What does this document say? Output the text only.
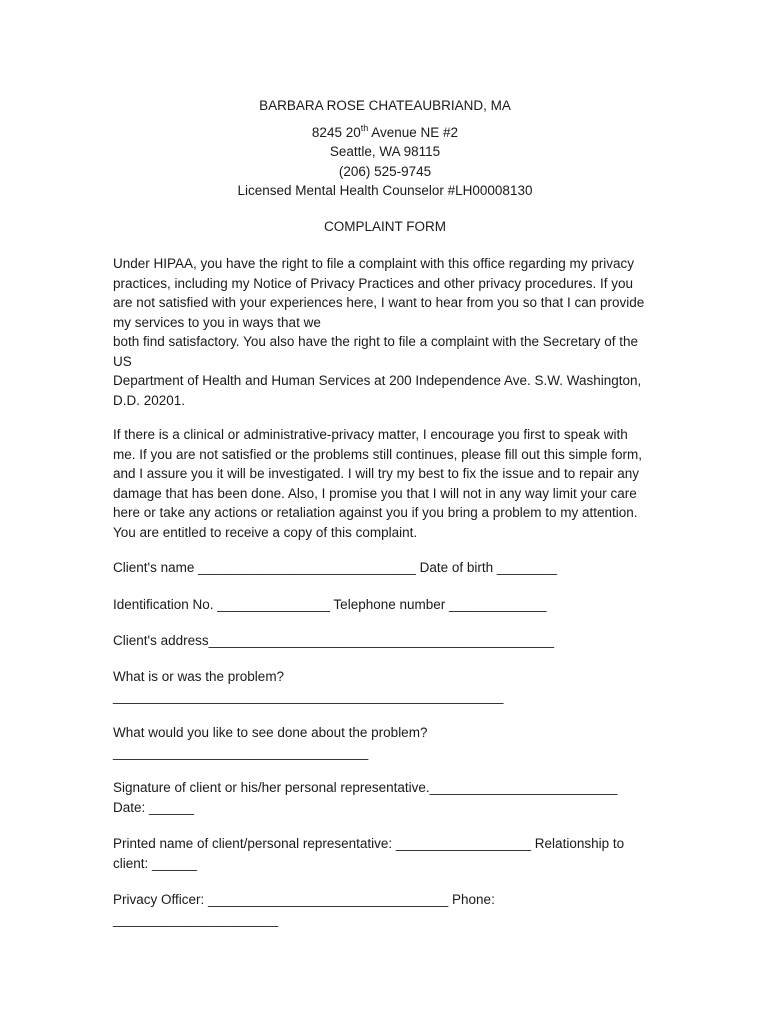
BARBARA ROSE CHATEAUBRIAND, MA
8245 20th Avenue NE #2
Seattle, WA 98115
(206) 525-9745
Licensed Mental Health Counselor #LH00008130
COMPLAINT FORM
Under HIPAA, you have the right to file a complaint with this office regarding my privacy
practices, including my Notice of Privacy Practices and other privacy procedures. If you
are not satisfied with your experiences here, I want to hear from you so that I can provide
my services to you in ways that we
both find satisfactory. You also have the right to file a complaint with the Secretary of the
US
Department of Health and Human Services at 200 Independence Ave. S.W. Washington,
D.D. 20201.
If there is a clinical or administrative-privacy matter, I encourage you first to speak with
me. If you are not satisfied or the problems still continues, please fill out this simple form,
and I assure you it will be investigated. I will try my best to fix the issue and to repair any
damage that has been done. Also, I promise you that I will not in any way limit your care
here or take any actions or retaliation against you if you bring a problem to my attention.
You are entitled to receive a copy of this complaint.
Client's name _____________________________ Date of birth ________
Identification No. _______________ Telephone number _____________
Client's address______________________________________________
What is or was the problem?
____________________________________________________
What would you like to see done about the problem?
__________________________________
Signature of client or his/her personal representative._________________________
Date: ______
Printed name of client/personal representative: __________________ Relationship to
client: ______
Privacy Officer: ________________________________ Phone:
______________________
